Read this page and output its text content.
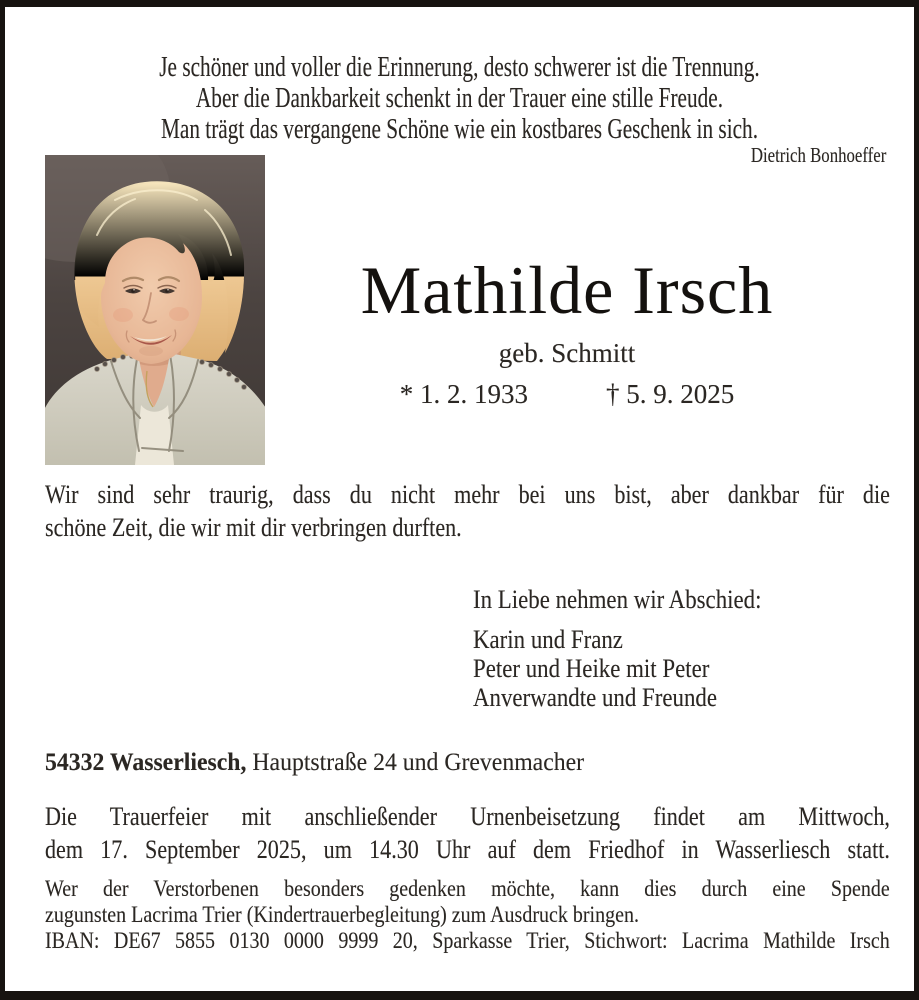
Je schöner und voller die Erinnerung, desto schwerer ist die Trennung.
Aber die Dankbarkeit schenkt in der Trauer eine stille Freude.
Man trägt das vergangene Schöne wie ein kostbares Geschenk in sich.
Dietrich Bonhoeffer
Mathilde Irsch
geb. Schmitt
* 1. 2. 1933	† 5. 9. 2025
Wir sind sehr traurig, dass du nicht mehr bei uns bist, aber dankbar für die
schöne Zeit, die wir mit dir verbringen durften.
In Liebe nehmen wir Abschied:
Karin und Franz
Peter und Heike mit Peter
Anverwandte und Freunde
54332 Wasserliesch, Hauptstraße 24 und Grevenmacher
Die Trauerfeier mit anschließender Urnenbeisetzung findet am Mittwoch,
dem 17. September 2025, um 14.30 Uhr auf dem Friedhof in Wasserliesch statt.
Wer der Verstorbenen besonders gedenken möchte, kann dies durch eine Spende
zugunsten Lacrima Trier (Kindertrauerbegleitung) zum Ausdruck bringen.
IBAN: DE67 5855 0130 0000 9999 20, Sparkasse Trier, Stichwort: Lacrima Mathilde Irsch
